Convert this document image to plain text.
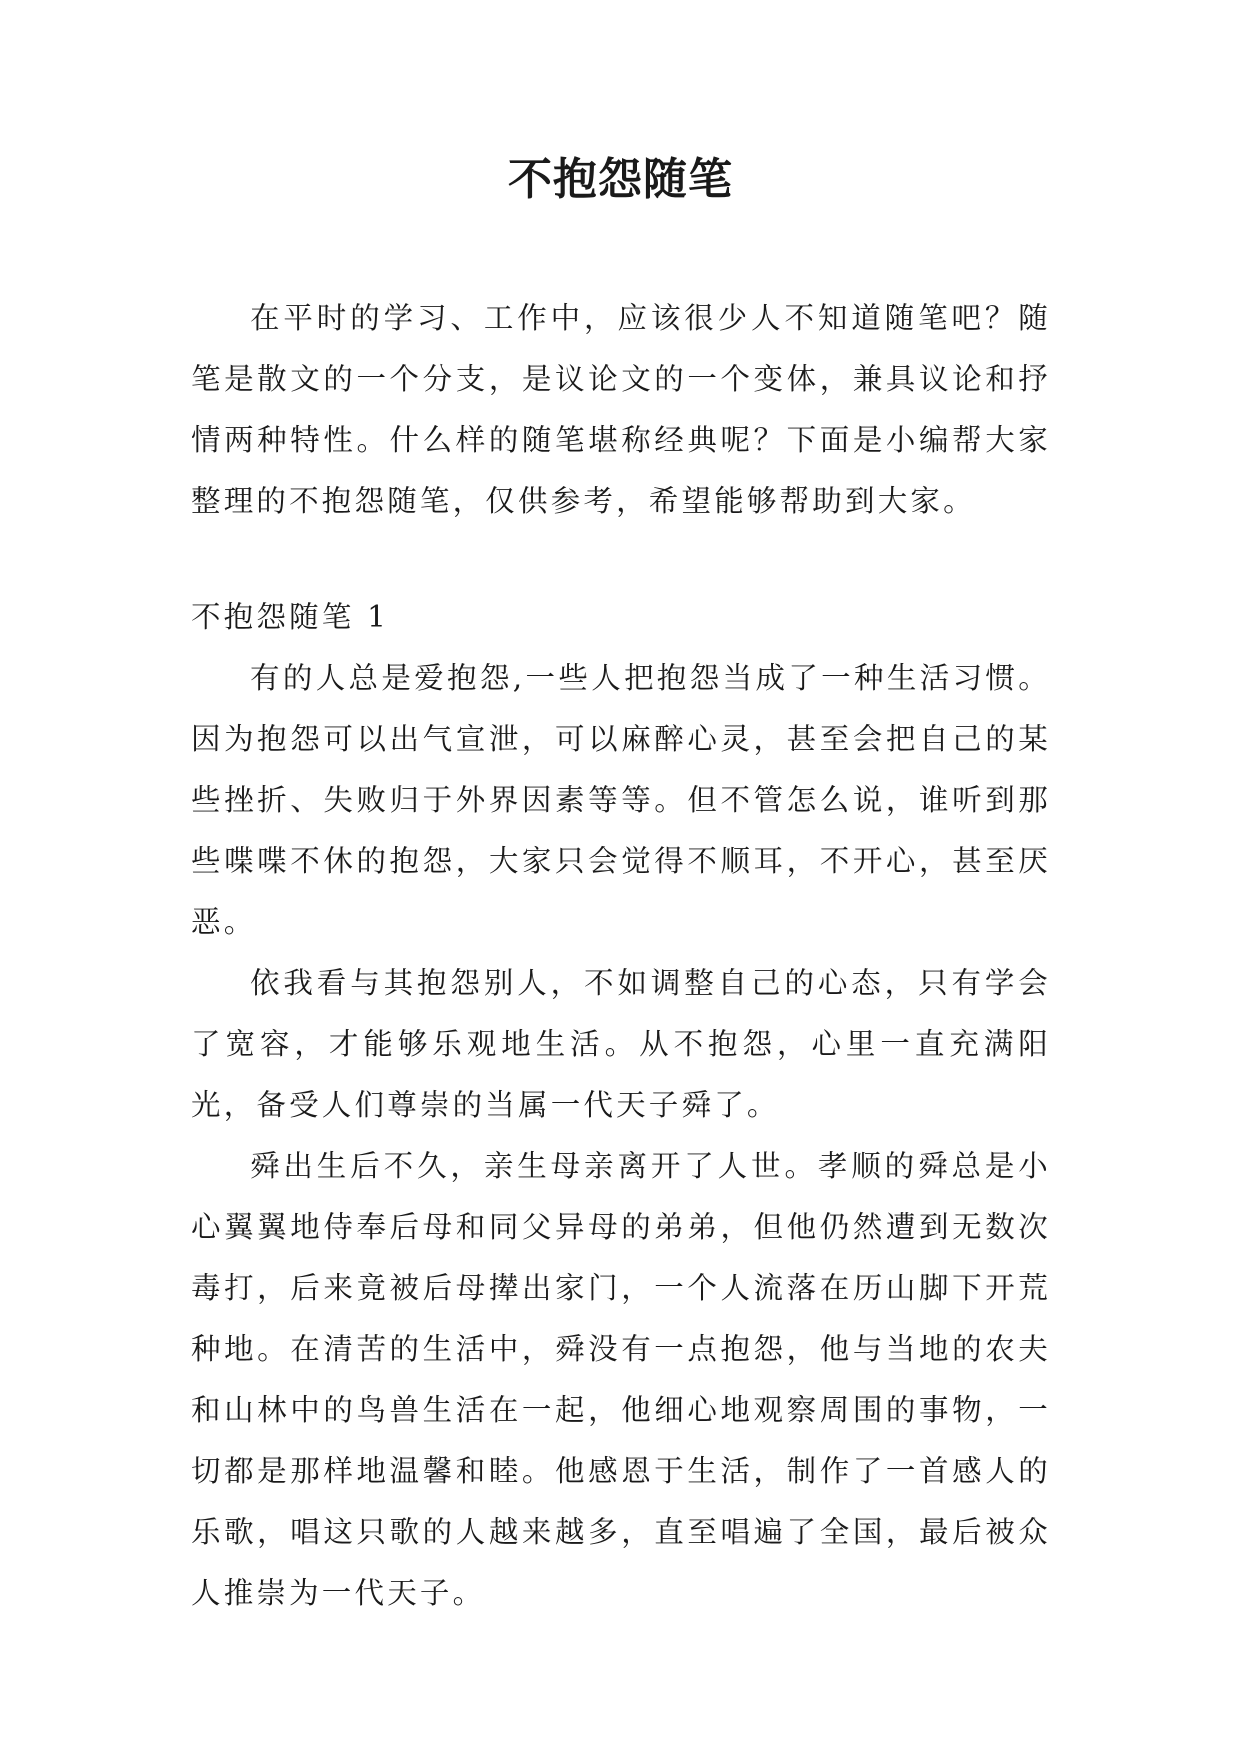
不抱怨随笔

在平时的学习、工作中，应该很少人不知道随笔吧？随笔是散文的一个分支，是议论文的一个变体，兼具议论和抒情两种特性。什么样的随笔堪称经典呢？下面是小编帮大家整理的不抱怨随笔，仅供参考，希望能够帮助到大家。

不抱怨随笔 1

有的人总是爱抱怨,一些人把抱怨当成了一种生活习惯。因为抱怨可以出气宣泄，可以麻醉心灵，甚至会把自己的某些挫折、失败归于外界因素等等。但不管怎么说，谁听到那些喋喋不休的抱怨，大家只会觉得不顺耳，不开心，甚至厌恶。

依我看与其抱怨别人，不如调整自己的心态，只有学会了宽容，才能够乐观地生活。从不抱怨，心里一直充满阳光，备受人们尊崇的当属一代天子舜了。

舜出生后不久，亲生母亲离开了人世。孝顺的舜总是小心翼翼地侍奉后母和同父异母的弟弟，但他仍然遭到无数次毒打，后来竟被后母撵出家门，一个人流落在历山脚下开荒种地。在清苦的生活中，舜没有一点抱怨，他与当地的农夫和山林中的鸟兽生活在一起，他细心地观察周围的事物，一切都是那样地温馨和睦。他感恩于生活，制作了一首感人的乐歌，唱这只歌的人越来越多，直至唱遍了全国，最后被众人推崇为一代天子。
